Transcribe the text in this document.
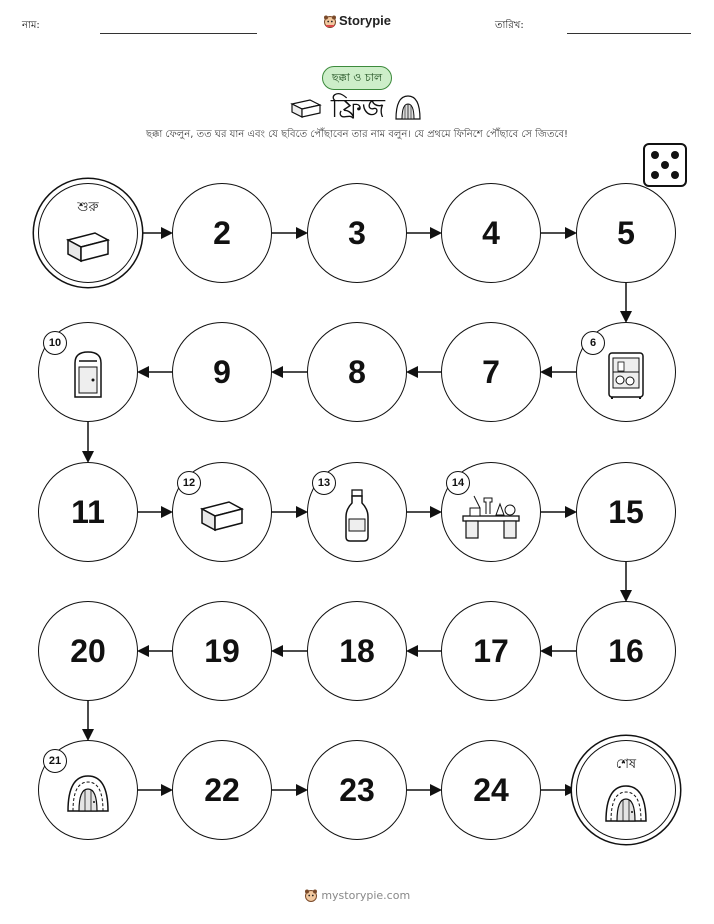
নাম:	Storypie	তারিখ:
ছক্কা ও চাল
ফ্রিজ
ছক্কা ফেলুন, তত ঘর যান এবং যে ছবিতে পৌঁছাবেন তার নাম বলুন। যে প্রথমে ফিনিশে পৌঁছাবে সে জিতবে!
শুরু
2	3	4	5
6
7
8
9
10
11
12	13	14
15
16
17
18
19
20
21
22	23	24
শেষ
mystorypie.com
